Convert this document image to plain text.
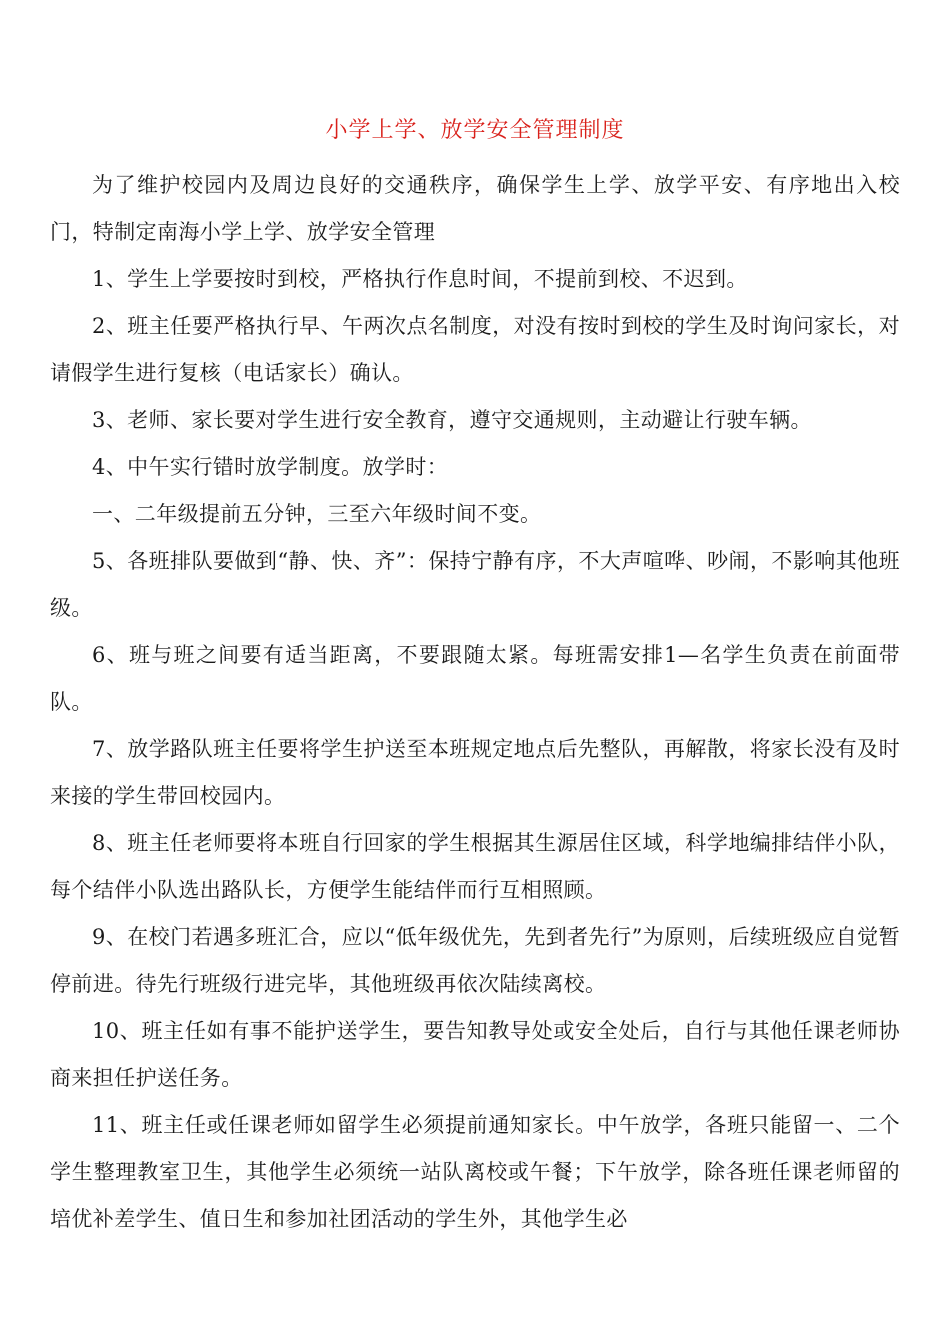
小学上学、放学安全管理制度

为了维护校园内及周边良好的交通秩序，确保学生上学、放学平安、有序地出入校门，特制定南海小学上学、放学安全管理

1、学生上学要按时到校，严格执行作息时间，不提前到校、不迟到。

2、班主任要严格执行早、午两次点名制度，对没有按时到校的学生及时询问家长，对请假学生进行复核（电话家长）确认。

3、老师、家长要对学生进行安全教育，遵守交通规则，主动避让行驶车辆。

4、中午实行错时放学制度。放学时：

一、二年级提前五分钟，三至六年级时间不变。

5、各班排队要做到“静、快、齐”：保持宁静有序，不大声喧哗、吵闹，不影响其他班级。

6、班与班之间要有适当距离，不要跟随太紧。每班需安排1—名学生负责在前面带队。

7、放学路队班主任要将学生护送至本班规定地点后先整队，再解散，将家长没有及时来接的学生带回校园内。

8、班主任老师要将本班自行回家的学生根据其生源居住区域，科学地编排结伴小队，每个结伴小队选出路队长，方便学生能结伴而行互相照顾。

9、在校门若遇多班汇合，应以“低年级优先，先到者先行”为原则，后续班级应自觉暂停前进。待先行班级行进完毕，其他班级再依次陆续离校。

10、班主任如有事不能护送学生，要告知教导处或安全处后，自行与其他任课老师协商来担任护送任务。

11、班主任或任课老师如留学生必须提前通知家长。中午放学，各班只能留一、二个学生整理教室卫生，其他学生必须统一站队离校或午餐；下午放学，除各班任课老师留的培优补差学生、值日生和参加社团活动的学生外，其他学生必
